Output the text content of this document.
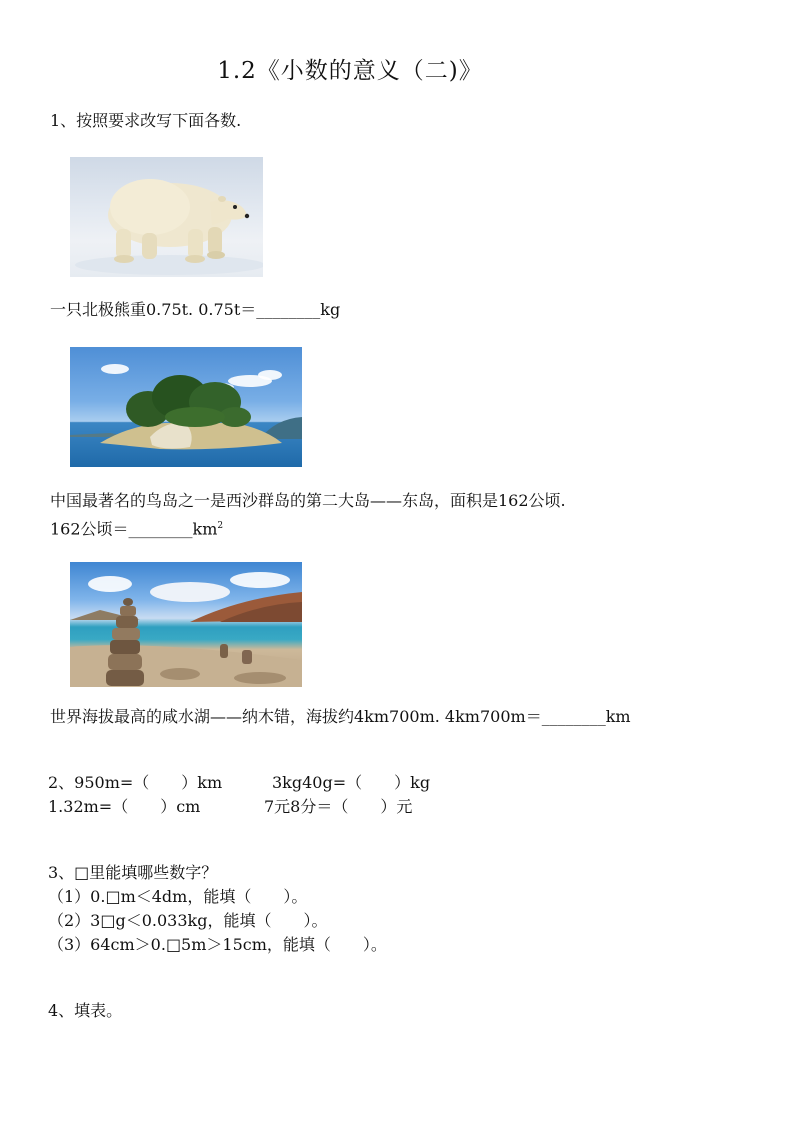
1.2《小数的意义（二)》
1、按照要求改写下面各数.
一只北极熊重0.75t. 0.75t＝________kg
中国最著名的鸟岛之一是西沙群岛的第二大岛——东岛，面积是162公顷.
162公顷$=\_\_\_\_\_\_\_\_km^2$
世界海拔最高的咸水湖——纳木错，海拔约4km700m. 4km700m＝________km
2、950m=（　　）km	3kg40g=（　　）kg
1.32m=（　　）cm	7元8分＝（　　）元
3、□里能填哪些数字？
（1）0.□m＜4dm，能填（　　）。
（2）3□g＜0.033kg，能填（　　）。
（3）64cm＞0.□5m＞15cm，能填（　　）。
4、填表。
